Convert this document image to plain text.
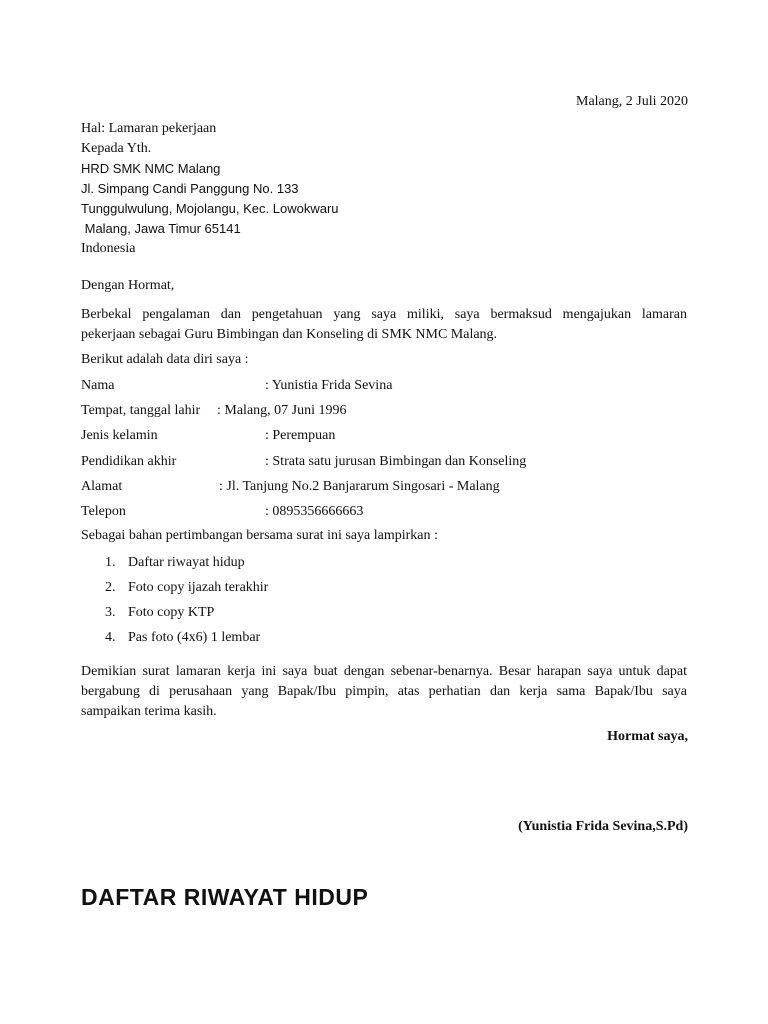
Malang, 2 Juli 2020
Hal: Lamaran pekerjaan
Kepada Yth.
HRD SMK NMC Malang
Jl. Simpang Candi Panggung No. 133
Tunggulwulung, Mojolangu, Kec. Lowokwaru
Malang, Jawa Timur 65141
Indonesia
Dengan Hormat,
Berbekal pengalaman dan pengetahuan yang saya miliki, saya bermaksud mengajukan lamaran
pekerjaan sebagai Guru Bimbingan dan Konseling di SMK NMC Malang.
Berikut adalah data diri saya :
Nama	: Yunistia Frida Sevina
Tempat, tanggal lahir : Malang, 07 Juni 1996
Jenis kelamin	: Perempuan
Pendidikan akhir	: Strata satu jurusan Bimbingan dan Konseling
Alamat	: Jl. Tanjung No.2 Banjararum Singosari - Malang
Telepon	: 0895356666663
Sebagai bahan pertimbangan bersama surat ini saya lampirkan :
1. Daftar riwayat hidup
2. Foto copy ijazah terakhir
3. Foto copy KTP
4. Pas foto (4x6) 1 lembar
Demikian surat lamaran kerja ini saya buat dengan sebenar-benarnya. Besar harapan saya untuk dapat
bergabung di perusahaan yang Bapak/Ibu pimpin, atas perhatian dan kerja sama Bapak/Ibu saya
sampaikan terima kasih.
Hormat saya,
(Yunistia Frida Sevina,S.Pd)
DAFTAR RIWAYAT HIDUP
